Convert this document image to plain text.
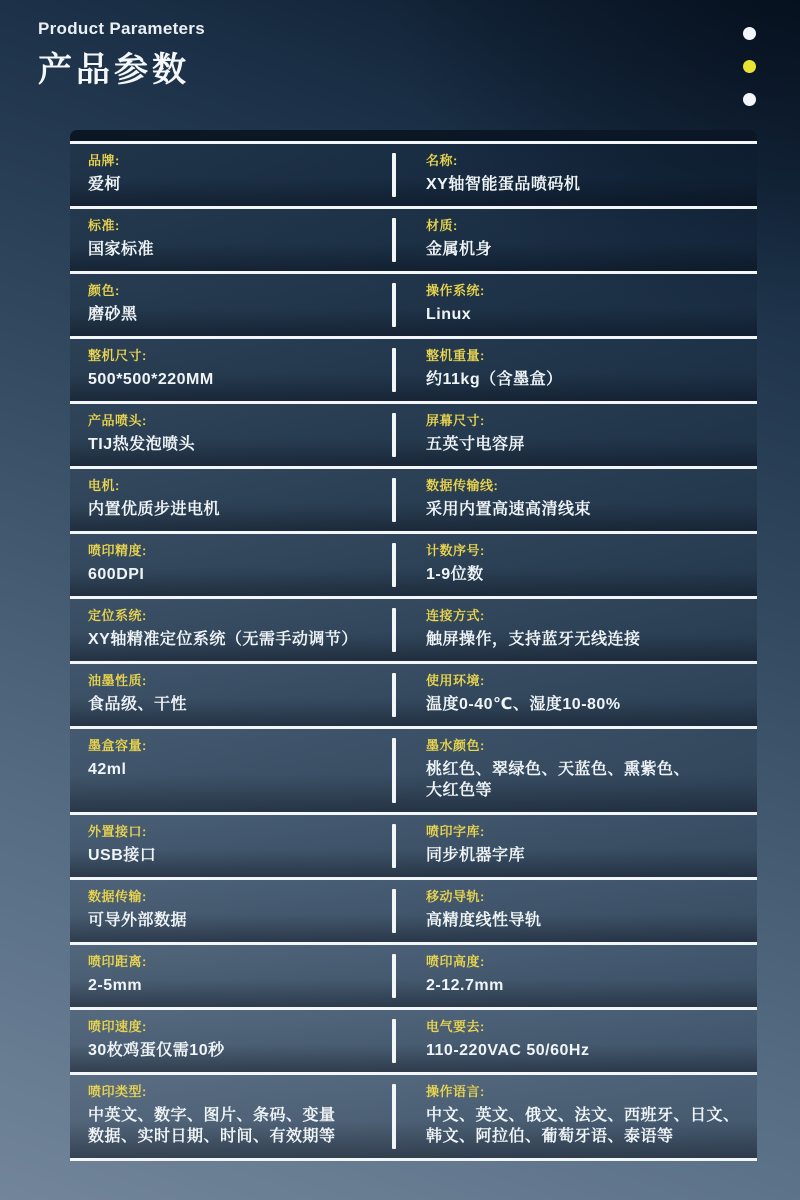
Product Parameters
产品参数
品牌:
爱柯
名称:
XY轴智能蛋品喷码机
标准:
国家标准
材质:
金属机身
颜色:
磨砂黑
操作系统:
Linux
整机尺寸:
500*500*220MM
整机重量:
约11kg（含墨盒）
产品喷头:
TIJ热发泡喷头
屏幕尺寸:
五英寸电容屏
电机:
内置优质步进电机
数据传输线:
采用内置高速高清线束
喷印精度:
600DPI
计数序号:
1-9位数
定位系统:
XY轴精准定位系统（无需手动调节）
连接方式:
触屏操作，支持蓝牙无线连接
油墨性质:
食品级、干性
使用环境:
温度0-40℃、湿度10-80%
墨盒容量:
42ml
墨水颜色:
桃红色、翠绿色、天蓝色、熏紫色、
大红色等
外置接口:
USB接口
喷印字库:
同步机器字库
数据传输:
可导外部数据
移动导轨:
高精度线性导轨
喷印距离:
2-5mm
喷印高度:
2-12.7mm
喷印速度:
30枚鸡蛋仅需10秒
电气要去:
110-220VAC 50/60Hz
喷印类型:
中英文、数字、图片、条码、变量
数据、实时日期、时间、有效期等
操作语言:
中文、英文、俄文、法文、西班牙、日文、
韩文、阿拉伯、葡萄牙语、泰语等
